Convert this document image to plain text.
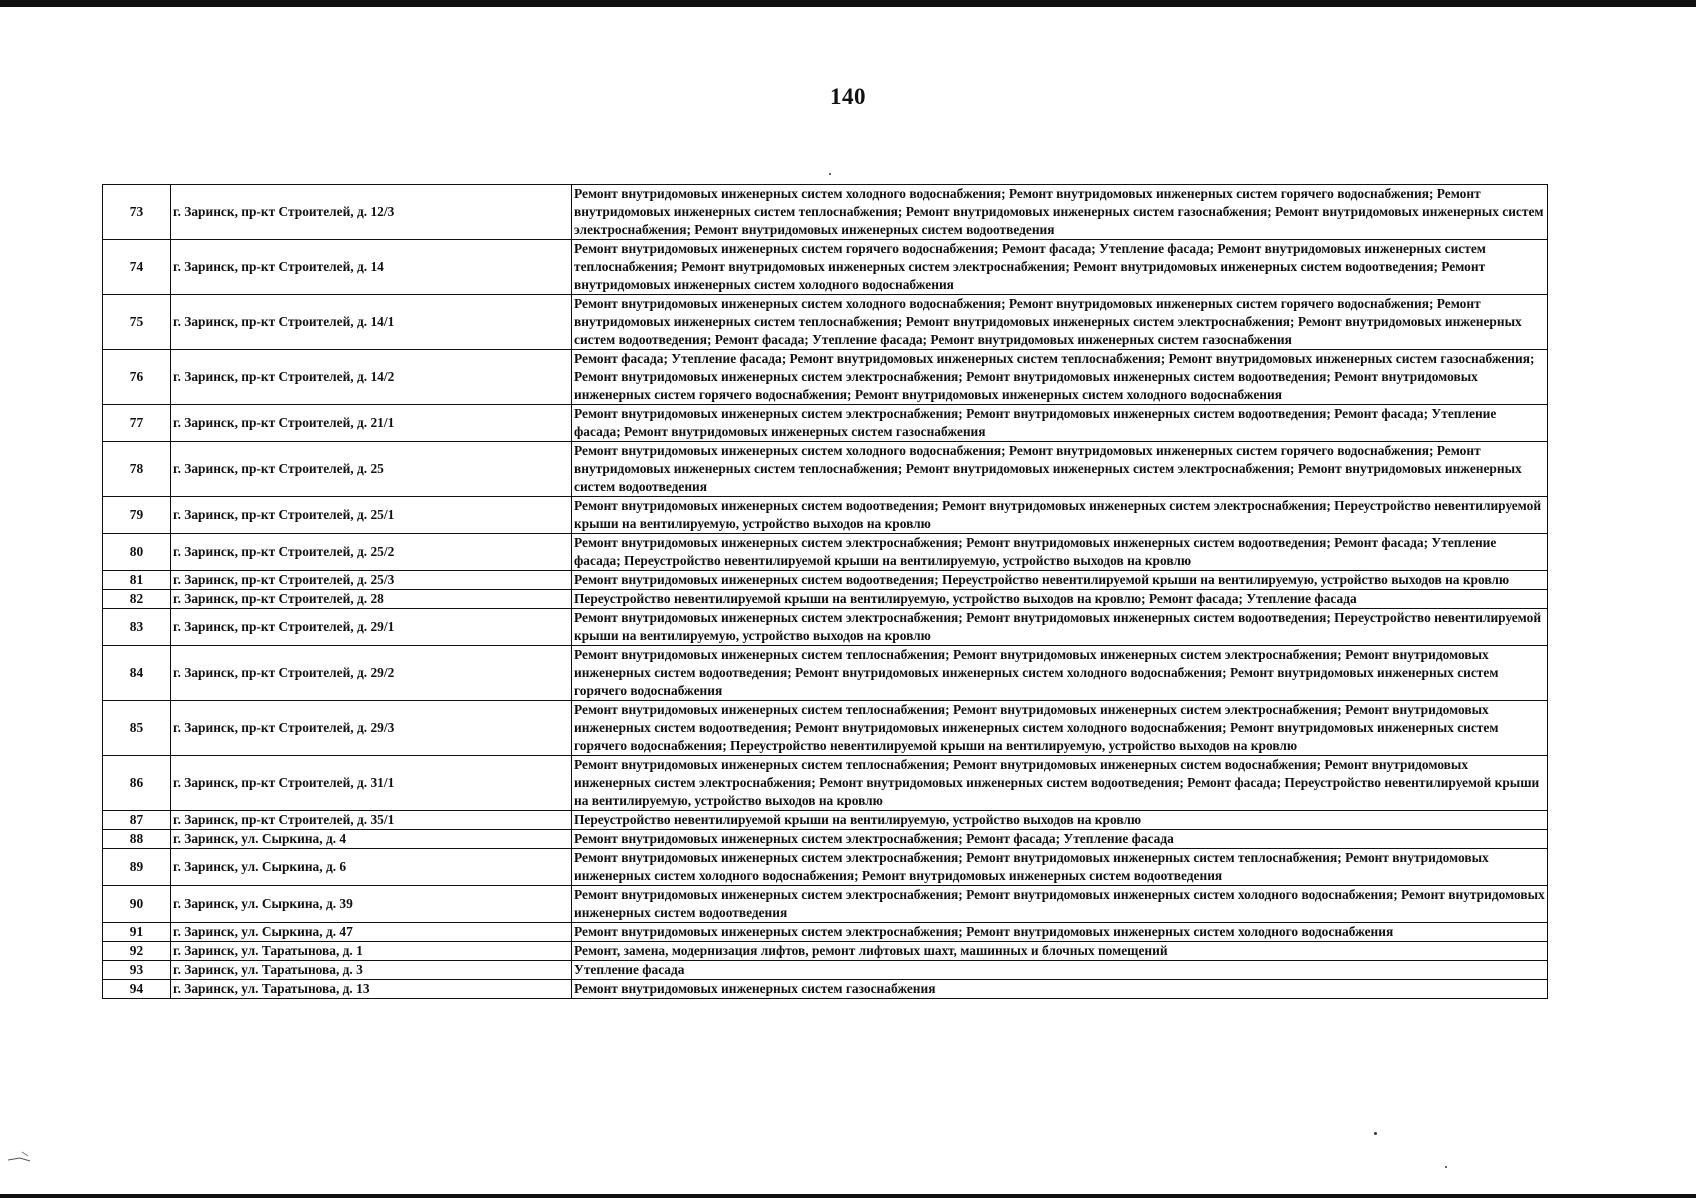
140
73	г. Заринск, пр-кт Строителей, д. 12/3	Ремонт внутридомовых инженерных систем холодного водоснабжения; Ремонт внутридомовых инженерных систем горячего водоснабжения; Ремонт внутридомовых инженерных систем теплоснабжения; Ремонт внутридомовых инженерных систем газоснабжения; Ремонт внутридомовых инженерных систем электроснабжения; Ремонт внутридомовых инженерных систем водоотведения
74	г. Заринск, пр-кт Строителей, д. 14	Ремонт внутридомовых инженерных систем горячего водоснабжения; Ремонт фасада; Утепление фасада; Ремонт внутридомовых инженерных систем теплоснабжения; Ремонт внутридомовых инженерных систем электроснабжения; Ремонт внутридомовых инженерных систем водоотведения; Ремонт внутридомовых инженерных систем холодного водоснабжения
75	г. Заринск, пр-кт Строителей, д. 14/1	Ремонт внутридомовых инженерных систем холодного водоснабжения; Ремонт внутридомовых инженерных систем горячего водоснабжения; Ремонт внутридомовых инженерных систем теплоснабжения; Ремонт внутридомовых инженерных систем электроснабжения; Ремонт внутридомовых инженерных систем водоотведения; Ремонт фасада; Утепление фасада; Ремонт внутридомовых инженерных систем газоснабжения
76	г. Заринск, пр-кт Строителей, д. 14/2	Ремонт фасада; Утепление фасада; Ремонт внутридомовых инженерных систем теплоснабжения; Ремонт внутридомовых инженерных систем газоснабжения; Ремонт внутридомовых инженерных систем электроснабжения; Ремонт внутридомовых инженерных систем водоотведения; Ремонт внутридомовых инженерных систем горячего водоснабжения; Ремонт внутридомовых инженерных систем холодного водоснабжения
77	г. Заринск, пр-кт Строителей, д. 21/1	Ремонт внутридомовых инженерных систем электроснабжения; Ремонт внутридомовых инженерных систем водоотведения; Ремонт фасада; Утепление фасада; Ремонт внутридомовых инженерных систем газоснабжения
78	г. Заринск, пр-кт Строителей, д. 25	Ремонт внутридомовых инженерных систем холодного водоснабжения; Ремонт внутридомовых инженерных систем горячего водоснабжения; Ремонт внутридомовых инженерных систем теплоснабжения; Ремонт внутридомовых инженерных систем электроснабжения; Ремонт внутридомовых инженерных систем водоотведения
79	г. Заринск, пр-кт Строителей, д. 25/1	Ремонт внутридомовых инженерных систем водоотведения; Ремонт внутридомовых инженерных систем электроснабжения; Переустройство невентилируемой крыши на вентилируемую, устройство выходов на кровлю
80	г. Заринск, пр-кт Строителей, д. 25/2	Ремонт внутридомовых инженерных систем электроснабжения; Ремонт внутридомовых инженерных систем водоотведения; Ремонт фасада; Утепление фасада; Переустройство невентилируемой крыши на вентилируемую, устройство выходов на кровлю
81	г. Заринск, пр-кт Строителей, д. 25/3	Ремонт внутридомовых инженерных систем водоотведения; Переустройство невентилируемой крыши на вентилируемую, устройство выходов на кровлю
82	г. Заринск, пр-кт Строителей, д. 28	Переустройство невентилируемой крыши на вентилируемую, устройство выходов на кровлю; Ремонт фасада; Утепление фасада
83	г. Заринск, пр-кт Строителей, д. 29/1	Ремонт внутридомовых инженерных систем электроснабжения; Ремонт внутридомовых инженерных систем водоотведения; Переустройство невентилируемой крыши на вентилируемую, устройство выходов на кровлю
84	г. Заринск, пр-кт Строителей, д. 29/2	Ремонт внутридомовых инженерных систем теплоснабжения; Ремонт внутридомовых инженерных систем электроснабжения; Ремонт внутридомовых инженерных систем водоотведения; Ремонт внутридомовых инженерных систем холодного водоснабжения; Ремонт внутридомовых инженерных систем горячего водоснабжения
85	г. Заринск, пр-кт Строителей, д. 29/3	Ремонт внутридомовых инженерных систем теплоснабжения; Ремонт внутридомовых инженерных систем электроснабжения; Ремонт внутридомовых инженерных систем водоотведения; Ремонт внутридомовых инженерных систем холодного водоснабжения; Ремонт внутридомовых инженерных систем горячего водоснабжения; Переустройство невентилируемой крыши на вентилируемую, устройство выходов на кровлю
86	г. Заринск, пр-кт Строителей, д. 31/1	Ремонт внутридомовых инженерных систем теплоснабжения; Ремонт внутридомовых инженерных систем водоснабжения; Ремонт внутридомовых инженерных систем электроснабжения; Ремонт внутридомовых инженерных систем водоотведения; Ремонт фасада; Переустройство невентилируемой крыши на вентилируемую, устройство выходов на кровлю
87	г. Заринск, пр-кт Строителей, д. 35/1	Переустройство невентилируемой крыши на вентилируемую, устройство выходов на кровлю
88	г. Заринск, ул. Сыркина, д. 4	Ремонт внутридомовых инженерных систем электроснабжения; Ремонт фасада; Утепление фасада
89	г. Заринск, ул. Сыркина, д. 6	Ремонт внутридомовых инженерных систем электроснабжения; Ремонт внутридомовых инженерных систем теплоснабжения; Ремонт внутридомовых инженерных систем холодного водоснабжения; Ремонт внутридомовых инженерных систем водоотведения
90	г. Заринск, ул. Сыркина, д. 39	Ремонт внутридомовых инженерных систем электроснабжения; Ремонт внутридомовых инженерных систем холодного водоснабжения; Ремонт внутридомовых инженерных систем водоотведения
91	г. Заринск, ул. Сыркина, д. 47	Ремонт внутридомовых инженерных систем электроснабжения; Ремонт внутридомовых инженерных систем холодного водоснабжения
92	г. Заринск, ул. Таратынова, д. 1	Ремонт, замена, модернизация лифтов, ремонт лифтовых шахт, машинных и блочных помещений
93	г. Заринск, ул. Таратынова, д. 3	Утепление фасада
94	г. Заринск, ул. Таратынова, д. 13	Ремонт внутридомовых инженерных систем газоснабжения
